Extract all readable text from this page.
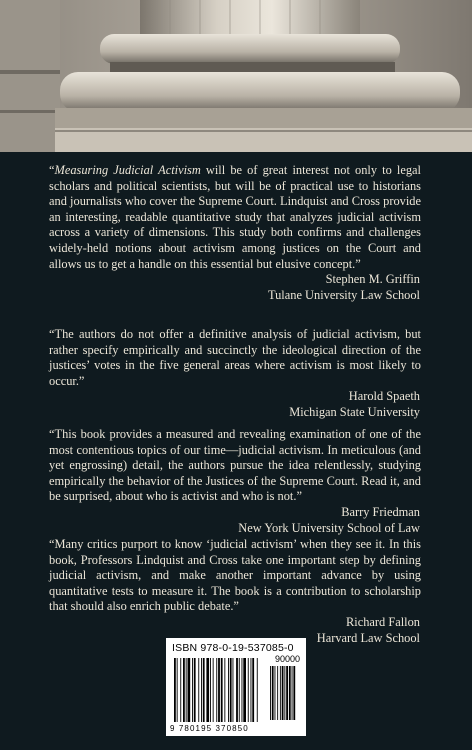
“Measuring Judicial Activism will be of great interest not only to legal scholars and political scientists, but will be of practical use to historians and journalists who cover the Supreme Court. Lindquist and Cross provide an interesting, readable quantitative study that analyzes judicial activism across a variety of dimensions. This study both confirms and challenges widely-held notions about activism among justices on the Court and allows us to get a handle on this essential but elusive concept.”

Stephen M. Griffin
Tulane University Law School

“The authors do not offer a definitive analysis of judicial activism, but rather specify empirically and succinctly the ideological direction of the justices’ votes in the five general areas where activism is most likely to occur.”

Harold Spaeth
Michigan State University

“This book provides a measured and revealing examination of one of the most contentious topics of our time—judicial activism. In meticulous (and yet engrossing) detail, the authors pursue the idea relentlessly, studying empirically the behavior of the Justices of the Supreme Court. Read it, and be surprised, about who is activist and who is not.”

Barry Friedman
New York University School of Law

“Many critics purport to know ‘judicial activism’ when they see it. In this book, Professors Lindquist and Cross take one important step by defining judicial activism, and make another important advance by using quantitative tests to measure it. The book is a contribution to scholarship that should also enrich public debate.”

Richard Fallon
Harvard Law School
ISBN 978-0-19-537085-0
90000
9 780195 370850
